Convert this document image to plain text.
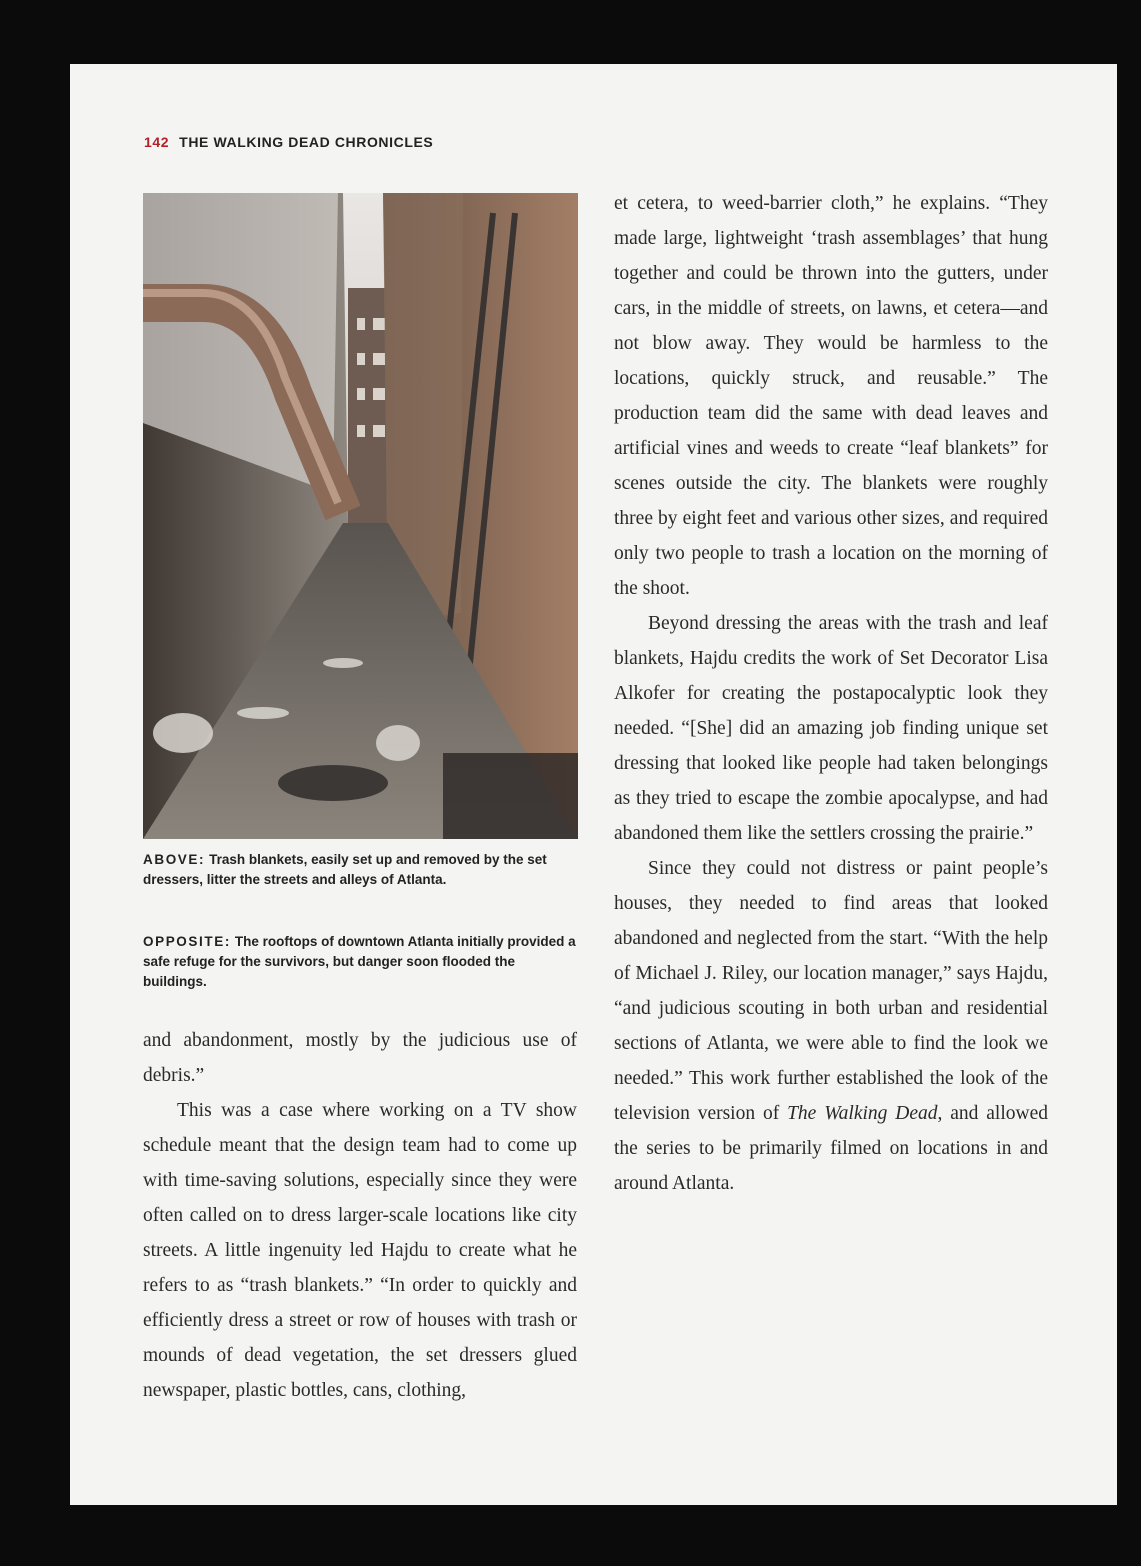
142 THE WALKING DEAD CHRONICLES
ABOVE: Trash blankets, easily set up and removed by the set dressers, litter the streets and alleys of Atlanta.
OPPOSITE: The rooftops of downtown Atlanta initially provided a safe refuge for the survivors, but danger soon flooded the buildings.

and abandonment, mostly by the judicious use of debris.”

This was a case where working on a TV show schedule meant that the design team had to come up with time-saving solutions, especially since they were often called on to dress larger-scale locations like city streets. A little ingenuity led Hajdu to create what he refers to as “trash blankets.” “In order to quickly and efficiently dress a street or row of houses with trash or mounds of dead vegetation, the set dressers glued newspaper, plastic bottles, cans, clothing,

et cetera, to weed-barrier cloth,” he explains. “They made large, lightweight ‘trash assemblages’ that hung together and could be thrown into the gutters, under cars, in the middle of streets, on lawns, et cetera—and not blow away. They would be harmless to the locations, quickly struck, and reusable.” The production team did the same with dead leaves and artificial vines and weeds to create “leaf blankets” for scenes outside the city. The blankets were roughly three by eight feet and various other sizes, and required only two people to trash a location on the morning of the shoot.

Beyond dressing the areas with the trash and leaf blankets, Hajdu credits the work of Set Decorator Lisa Alkofer for creating the postapocalyptic look they needed. “[She] did an amazing job finding unique set dressing that looked like people had taken belongings as they tried to escape the zombie apocalypse, and had abandoned them like the settlers crossing the prairie.”

Since they could not distress or paint people’s houses, they needed to find areas that looked abandoned and neglected from the start. “With the help of Michael J. Riley, our location manager,” says Hajdu, “and judicious scouting in both urban and residential sections of Atlanta, we were able to find the look we needed.” This work further established the look of the television version of The Walking Dead, and allowed the series to be primarily filmed on locations in and around Atlanta.
